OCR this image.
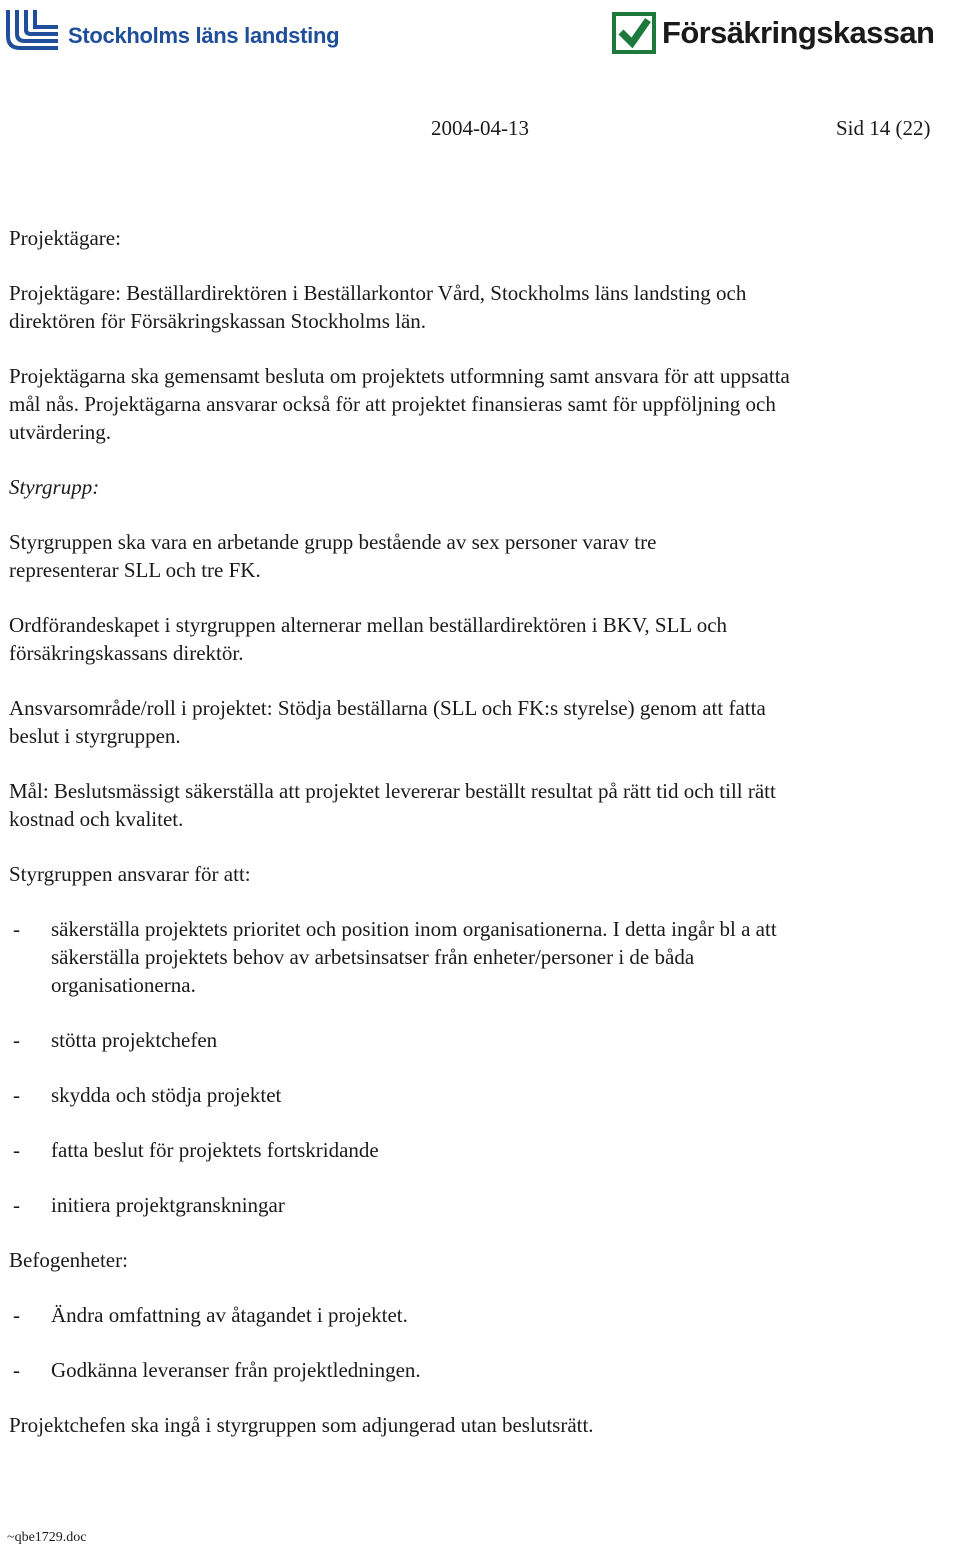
Stockholms läns landsting	Försäkringskassan
2004-04-13	Sid 14 (22)

Projektägare:

Projektägare: Beställardirektören i Beställarkontor Vård, Stockholms läns landsting och direktören för Försäkringskassan Stockholms län.

Projektägarna ska gemensamt besluta om projektets utformning samt ansvara för att uppsatta mål nås. Projektägarna ansvarar också för att projektet finansieras samt för uppföljning och utvärdering.

Styrgrupp:

Styrgruppen ska vara en arbetande grupp bestående av sex personer varav tre representerar SLL och tre FK.

Ordförandeskapet i styrgruppen alternerar mellan beställardirektören i BKV, SLL och försäkringskassans direktör.

Ansvarsområde/roll i projektet: Stödja beställarna (SLL och FK:s styrelse) genom att fatta beslut i styrgruppen.

Mål: Beslutsmässigt säkerställa att projektet levererar beställt resultat på rätt tid och till rätt kostnad och kvalitet.

Styrgruppen ansvarar för att:

- säkerställa projektets prioritet och position inom organisationerna. I detta ingår bl a att säkerställa projektets behov av arbetsinsatser från enheter/personer i de båda organisationerna.
- stötta projektchefen
- skydda och stödja projektet
- fatta beslut för projektets fortskridande
- initiera projektgranskningar

Befogenheter:

- Ändra omfattning av åtagandet i projektet.
- Godkänna leveranser från projektledningen.

Projektchefen ska ingå i styrgruppen som adjungerad utan beslutsrätt.

~qbe1729.doc
